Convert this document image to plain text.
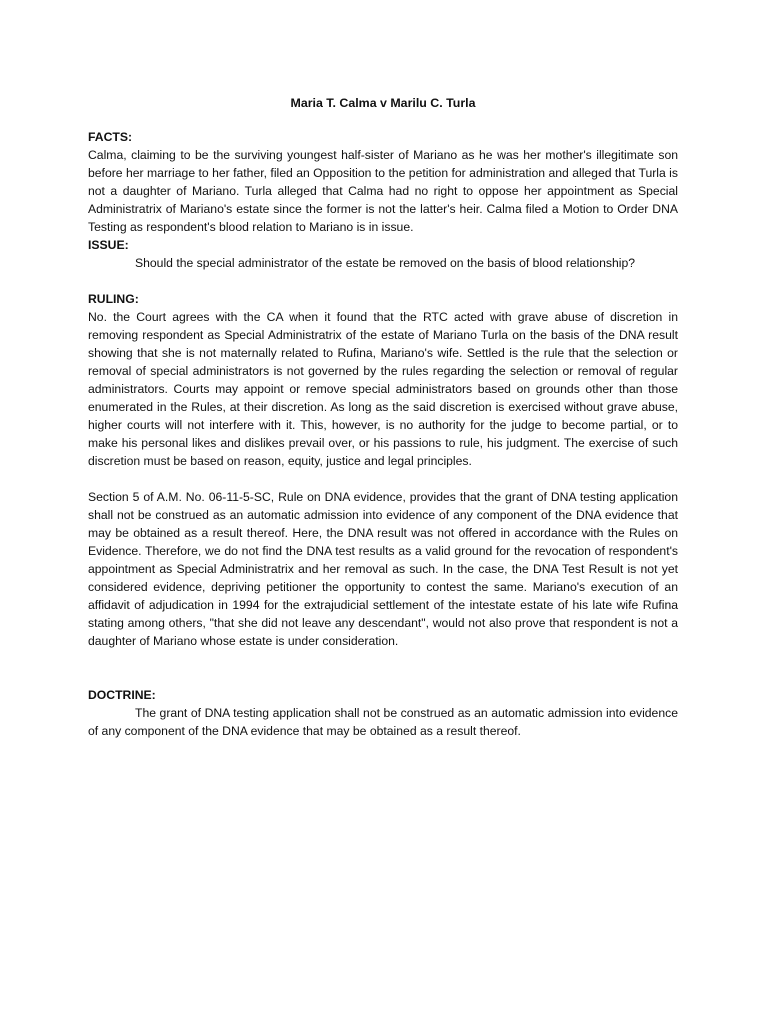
Maria T. Calma v Marilu C. Turla

FACTS:

Calma, claiming to be the surviving youngest half-sister of Mariano as he was her mother's illegitimate son before her marriage to her father, filed an Opposition to the petition for administration and alleged that Turla is not a daughter of Mariano. Turla alleged that Calma had no right to oppose her appointment as Special Administratrix of Mariano's estate since the former is not the latter's heir. Calma filed a Motion to Order DNA Testing as respondent's blood relation to Mariano is in issue.

ISSUE:

Should the special administrator of the estate be removed on the basis of blood relationship?

RULING:

No. the Court agrees with the CA when it found that the RTC acted with grave abuse of discretion in removing respondent as Special Administratrix of the estate of Mariano Turla on the basis of the DNA result showing that she is not maternally related to Rufina, Mariano's wife. Settled is the rule that the selection or removal of special administrators is not governed by the rules regarding the selection or removal of regular administrators. Courts may appoint or remove special administrators based on grounds other than those enumerated in the Rules, at their discretion. As long as the said discretion is exercised without grave abuse, higher courts will not interfere with it. This, however, is no authority for the judge to become partial, or to make his personal likes and dislikes prevail over, or his passions to rule, his judgment. The exercise of such discretion must be based on reason, equity, justice and legal principles.

Section 5 of A.M. No. 06-11-5-SC, Rule on DNA evidence, provides that the grant of DNA testing application shall not be construed as an automatic admission into evidence of any component of the DNA evidence that may be obtained as a result thereof. Here, the DNA result was not offered in accordance with the Rules on Evidence. Therefore, we do not find the DNA test results as a valid ground for the revocation of respondent's appointment as Special Administratrix and her removal as such. In the case, the DNA Test Result is not yet considered evidence, depriving petitioner the opportunity to contest the same. Mariano's execution of an affidavit of adjudication in 1994 for the extrajudicial settlement of the intestate estate of his late wife Rufina stating among others, "that she did not leave any descendant", would not also prove that respondent is not a daughter of Mariano whose estate is under consideration.

DOCTRINE:

The grant of DNA testing application shall not be construed as an automatic admission into evidence of any component of the DNA evidence that may be obtained as a result thereof.
